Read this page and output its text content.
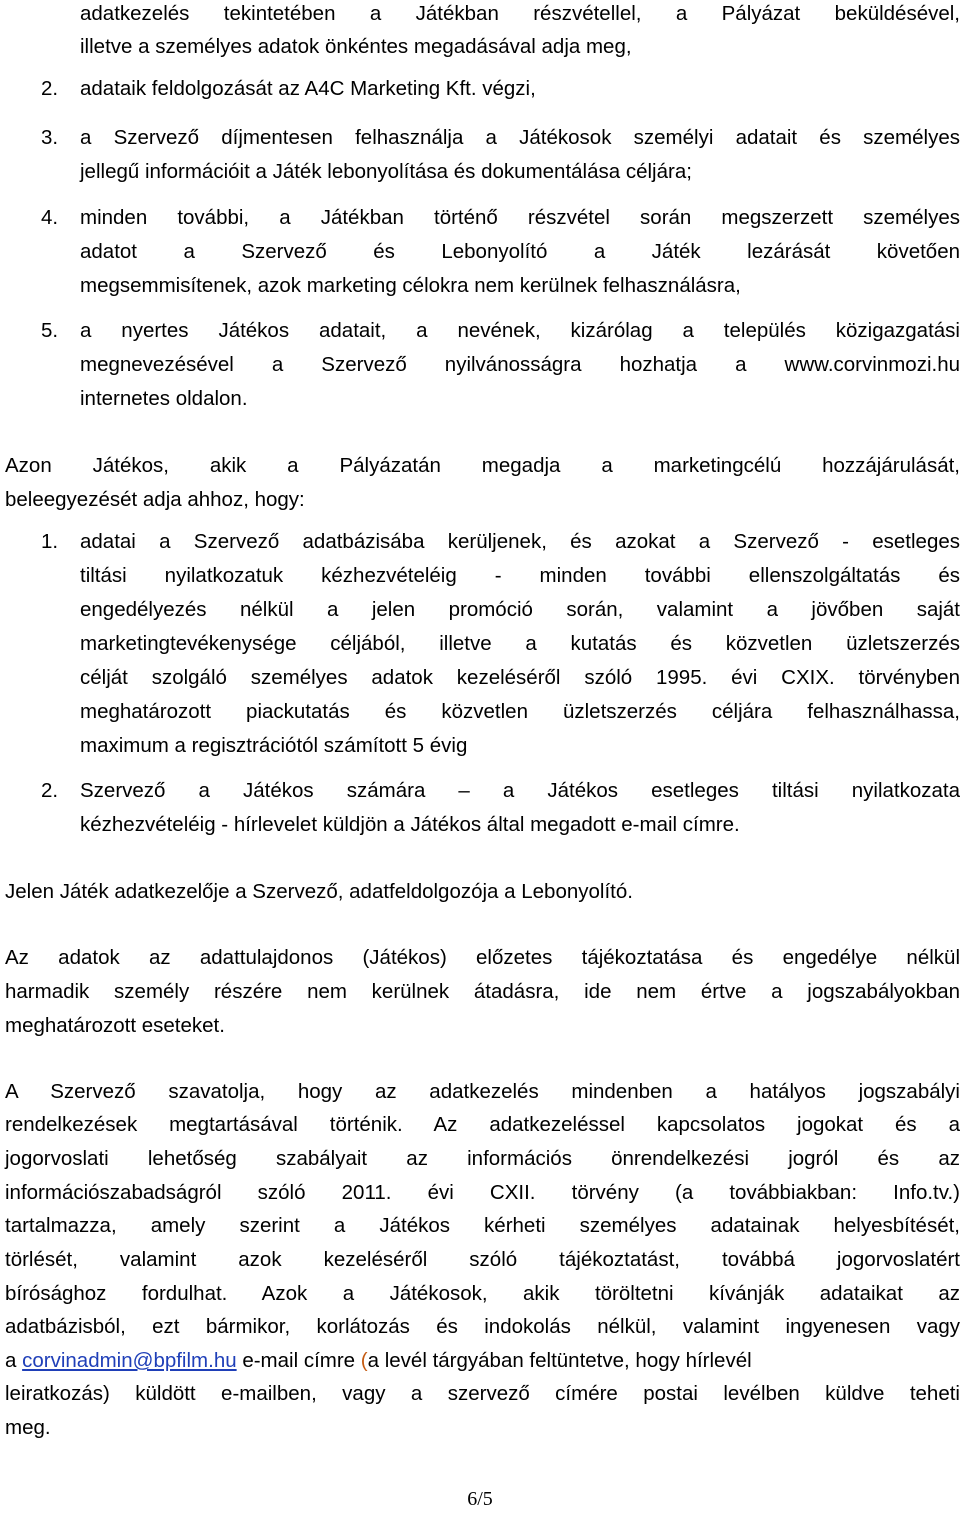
adatkezelés tekintetében a Játékban részvétellel, a Pályázat beküldésével,
illetve a személyes adatok önkéntes megadásával adja meg,
2. adataik feldolgozását az A4C Marketing Kft. végzi,
3. a Szervező díjmentesen felhasználja a Játékosok személyi adatait és személyes
jellegű információit a Játék lebonyolítása és dokumentálása céljára;
4. minden további, a Játékban történő részvétel során megszerzett személyes
adatot a Szervező és Lebonyolító a Játék lezárását követően
megsemmisítenek, azok marketing célokra nem kerülnek felhasználásra,
5. a nyertes Játékos adatait, a nevének, kizárólag a település közigazgatási
megnevezésével a Szervező nyilvánosságra hozhatja a www.corvinmozi.hu
internetes oldalon.
Azon Játékos, akik a Pályázatán megadja a marketingcélú hozzájárulását,
beleegyezését adja ahhoz, hogy:
1. adatai a Szervező adatbázisába kerüljenek, és azokat a Szervező - esetleges
tiltási nyilatkozatuk kézhezvételéig - minden további ellenszolgáltatás és
engedélyezés nélkül a jelen promóció során, valamint a jövőben saját
marketingtevékenysége céljából, illetve a kutatás és közvetlen üzletszerzés
célját szolgáló személyes adatok kezeléséről szóló 1995. évi CXIX. törvényben
meghatározott piackutatás és közvetlen üzletszerzés céljára felhasználhassa,
maximum a regisztrációtól számított 5 évig
2. Szervező a Játékos számára – a Játékos esetleges tiltási nyilatkozata
kézhezvételéig - hírlevelet küldjön a Játékos által megadott e-mail címre.
Jelen Játék adatkezelője a Szervező, adatfeldolgozója a Lebonyolító.
Az adatok az adattulajdonos (Játékos) előzetes tájékoztatása és engedélye nélkül
harmadik személy részére nem kerülnek átadásra, ide nem értve a jogszabályokban
meghatározott eseteket.
A Szervező szavatolja, hogy az adatkezelés mindenben a hatályos jogszabályi
rendelkezések megtartásával történik. Az adatkezeléssel kapcsolatos jogokat és a
jogorvoslati lehetőség szabályait az információs önrendelkezési jogról és az
információszabadságról szóló 2011. évi CXII. törvény (a továbbiakban: Info.tv.)
tartalmazza, amely szerint a Játékos kérheti személyes adatainak helyesbítését,
törlését, valamint azok kezeléséről szóló tájékoztatást, továbbá jogorvoslatért
bírósághoz fordulhat. Azok a Játékosok, akik töröltetni kívánják adataikat az
adatbázisból, ezt bármikor, korlátozás és indokolás nélkül, valamint ingyenesen vagy
a corvinadmin@bpfilm.hu e-mail címre (a levél tárgyában feltüntetve, hogy hírlevél
leiratkozás) küldött e-mailben, vagy a szervező címére postai levélben küldve teheti
meg.
6/5
